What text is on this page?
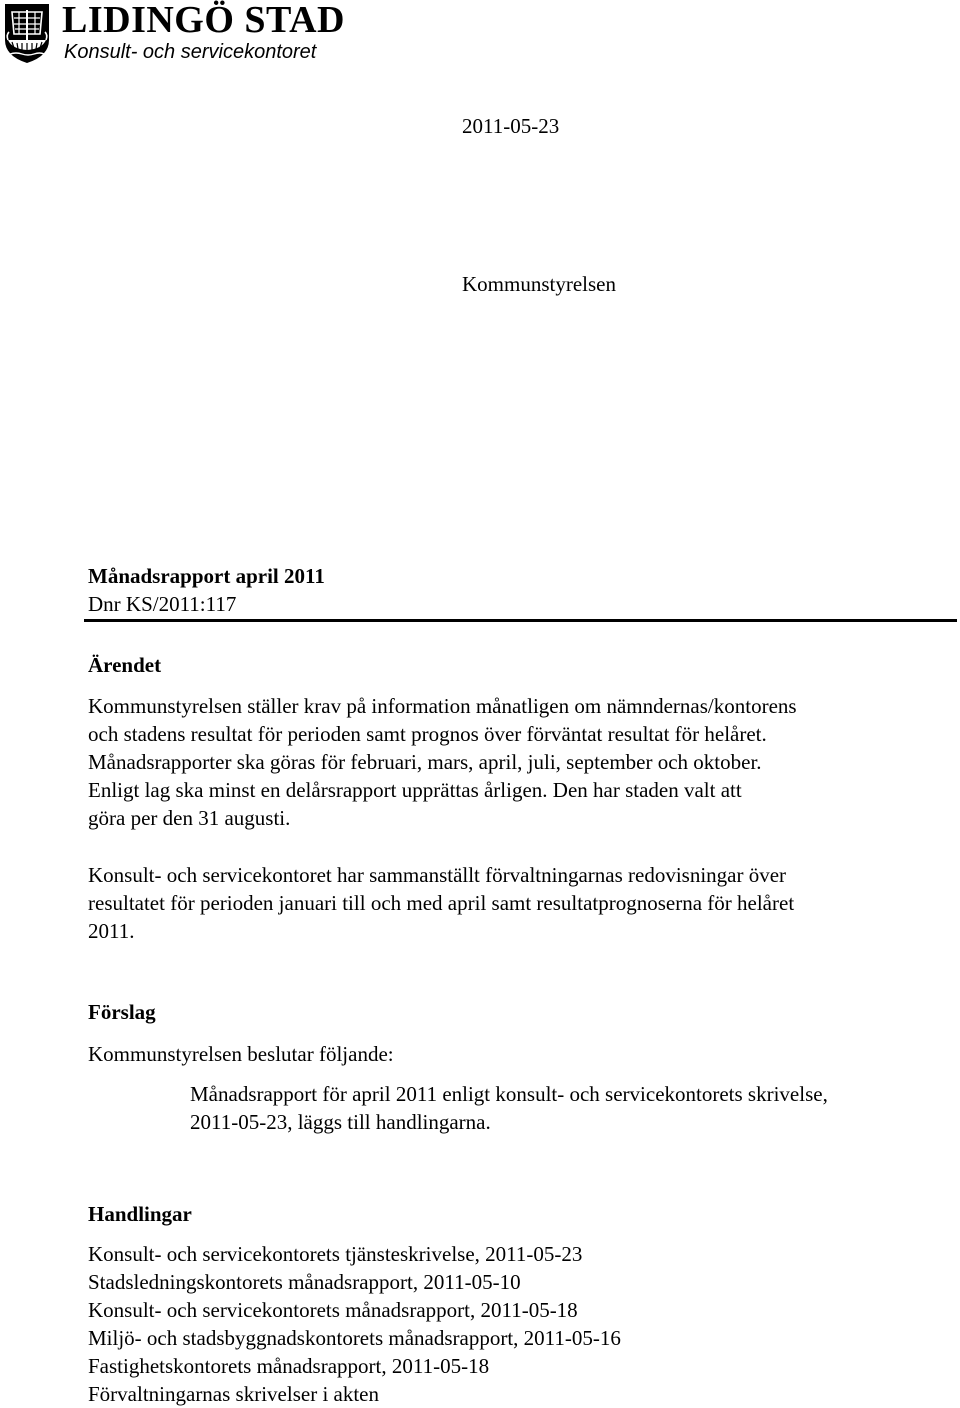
LIDINGÖ STAD
Konsult- och servicekontoret
2011-05-23
Kommunstyrelsen
Månadsrapport april 2011
Dnr KS/2011:117
Ärendet
Kommunstyrelsen ställer krav på information månatligen om nämndernas/kontorens
och stadens resultat för perioden samt prognos över förväntat resultat för helåret.
Månadsrapporter ska göras för februari, mars, april, juli, september och oktober.
Enligt lag ska minst en delårsrapport upprättas årligen. Den har staden valt att
göra per den 31 augusti.
Konsult- och servicekontoret har sammanställt förvaltningarnas redovisningar över
resultatet för perioden januari till och med april samt resultatprognoserna för helåret
2011.
Förslag
Kommunstyrelsen beslutar följande:
Månadsrapport för april 2011 enligt konsult- och servicekontorets skrivelse,
2011-05-23, läggs till handlingarna.
Handlingar
Konsult- och servicekontorets tjänsteskrivelse, 2011-05-23
Stadsledningskontorets månadsrapport, 2011-05-10
Konsult- och servicekontorets månadsrapport, 2011-05-18
Miljö- och stadsbyggnadskontorets månadsrapport, 2011-05-16
Fastighetskontorets månadsrapport, 2011-05-18
Förvaltningarnas skrivelser i akten
